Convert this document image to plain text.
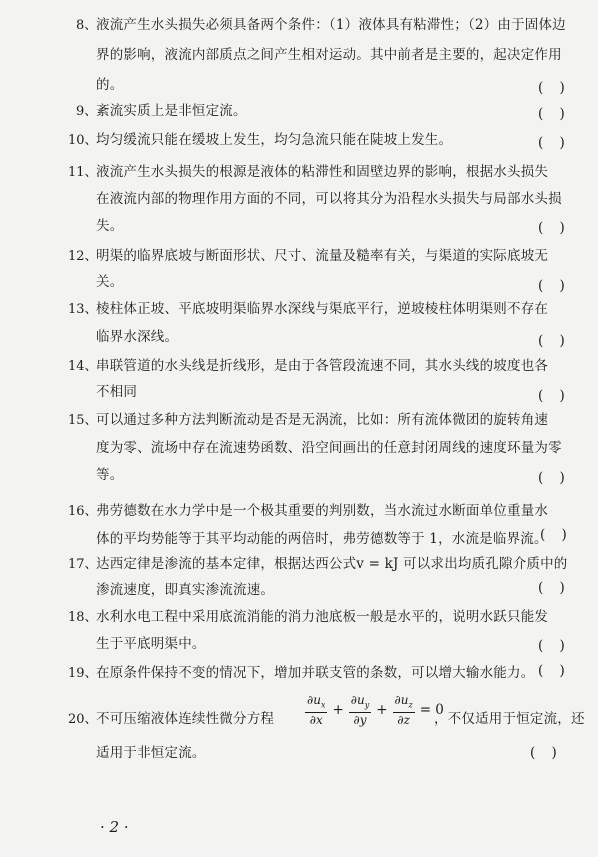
8、
液流产生水头损失必须具备两个条件：（1）液体具有粘滞性；（2）由于固体边
界的影响，液流内部质点之间产生相对运动。其中前者是主要的，起决定作用
的。	( )
9、
紊流实质上是非恒定流。	( )
10、
均匀缓流只能在缓坡上发生，均匀急流只能在陡坡上发生。	( )
11、
液流产生水头损失的根源是液体的粘滞性和固壁边界的影响，根据水头损失
在液流内部的物理作用方面的不同，可以将其分为沿程水头损失与局部水头损
失。	( )
12、
明渠的临界底坡与断面形状、尺寸、流量及糙率有关，与渠道的实际底坡无
关。	( )
13、
棱柱体正坡、平底坡明渠临界水深线与渠底平行，逆坡棱柱体明渠则不存在
临界水深线。	( )
14、
串联管道的水头线是折线形，是由于各管段流速不同，其水头线的坡度也各
不相同	( )
15、
可以通过多种方法判断流动是否是无涡流，比如：所有流体微团的旋转角速
度为零、流场中存在流速势函数、沿空间画出的任意封闭周线的速度环量为零
等。	( )
16、
弗劳德数在水力学中是一个极其重要的判别数，当水流过水断面单位重量水
体的平均势能等于其平均动能的两倍时，弗劳德数等于 1，水流是临界流。
( )
17、
达西定律是渗流的基本定律，根据达西公式v = kJ 可以求出均质孔隙介质中的
渗流速度，即真实渗流流速。	( )
18、
水利水电工程中采用底流消能的消力池底板一般是水平的，说明水跃只能发
生于平底明渠中。	( )
19、
在原条件保持不变的情况下，增加并联支管的条数，可以增大输水能力。 ( )
20、
不可压缩液体连续性微分方程	$\frac{\partial u_x}{\partial x} + \frac{\partial u_y}{\partial y} + \frac{\partial u_z}{\partial z} = 0$
，不仅适用于恒定流，还
适用于非恒定流。	( )
· 2 ·
